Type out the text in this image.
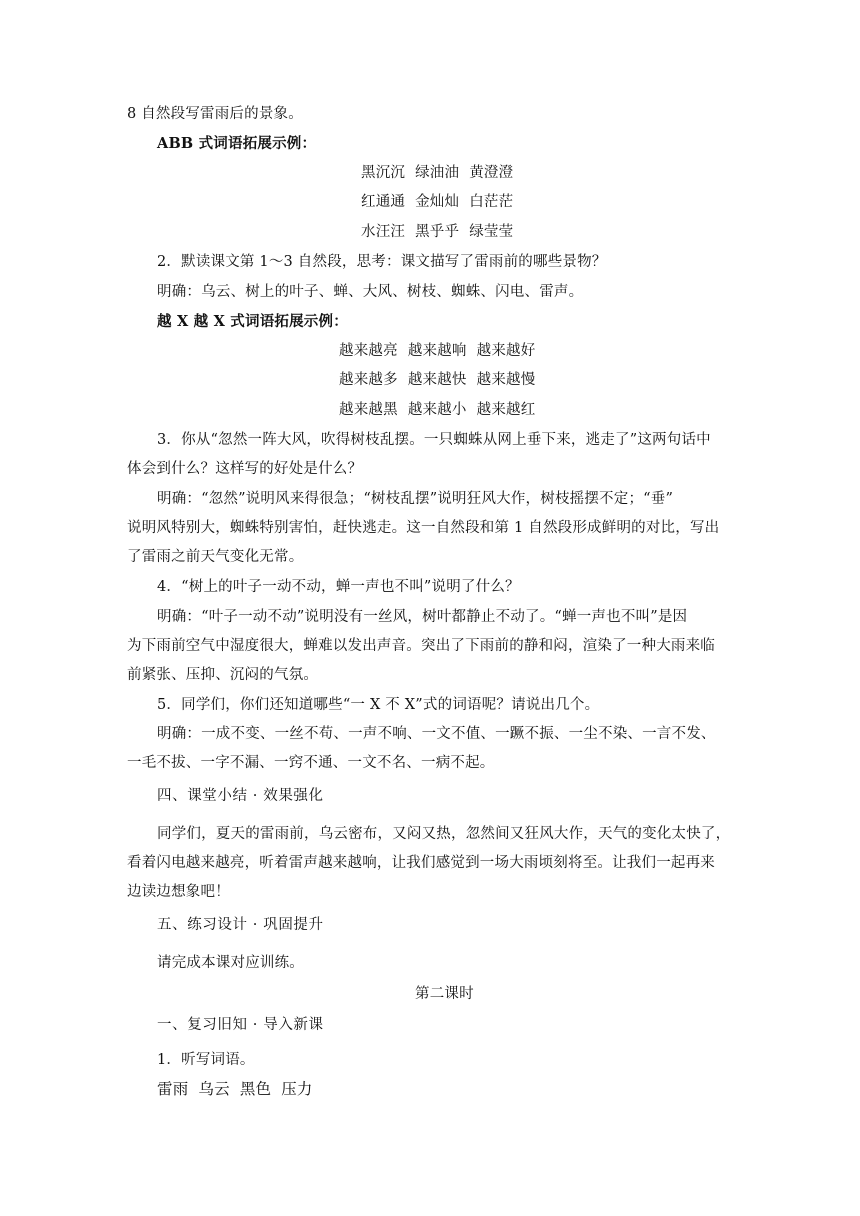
8 自然段写雷雨后的景象。
ABB 式词语拓展示例：
黑沉沉 绿油油 黄澄澄
红通通 金灿灿 白茫茫
水汪汪 黑乎乎 绿莹莹
2．默读课文第 1～3 自然段，思考：课文描写了雷雨前的哪些景物？
明确：乌云、树上的叶子、蝉、大风、树枝、蜘蛛、闪电、雷声。
越 X 越 X 式词语拓展示例：
越来越亮 越来越响 越来越好
越来越多 越来越快 越来越慢
越来越黑 越来越小 越来越红
3．你从“忽然一阵大风，吹得树枝乱摆。一只蜘蛛从网上垂下来，逃走了”这两句话中
体会到什么？这样写的好处是什么？
明确：“忽然”说明风来得很急；“树枝乱摆”说明狂风大作，树枝摇摆不定；“垂”
说明风特别大，蜘蛛特别害怕，赶快逃走。这一自然段和第 1 自然段形成鲜明的对比，写出
了雷雨之前天气变化无常。
4．“树上的叶子一动不动，蝉一声也不叫”说明了什么？
明确：“叶子一动不动”说明没有一丝风，树叶都静止不动了。“蝉一声也不叫”是因
为下雨前空气中湿度很大，蝉难以发出声音。突出了下雨前的静和闷，渲染了一种大雨来临
前紧张、压抑、沉闷的气氛。
5．同学们，你们还知道哪些“一 X 不 X”式的词语呢？请说出几个。
明确：一成不变、一丝不苟、一声不响、一文不值、一蹶不振、一尘不染、一言不发、
一毛不拔、一字不漏、一窍不通、一文不名、一病不起。
四、课堂小结 · 效果强化
同学们，夏天的雷雨前，乌云密布，又闷又热，忽然间又狂风大作，天气的变化太快了，
看着闪电越来越亮，听着雷声越来越响，让我们感觉到一场大雨顷刻将至。让我们一起再来
边读边想象吧！
五、练习设计 · 巩固提升
请完成本课对应训练。
第二课时
一、复习旧知 · 导入新课
1．听写词语。
雷雨 乌云 黑色 压力
